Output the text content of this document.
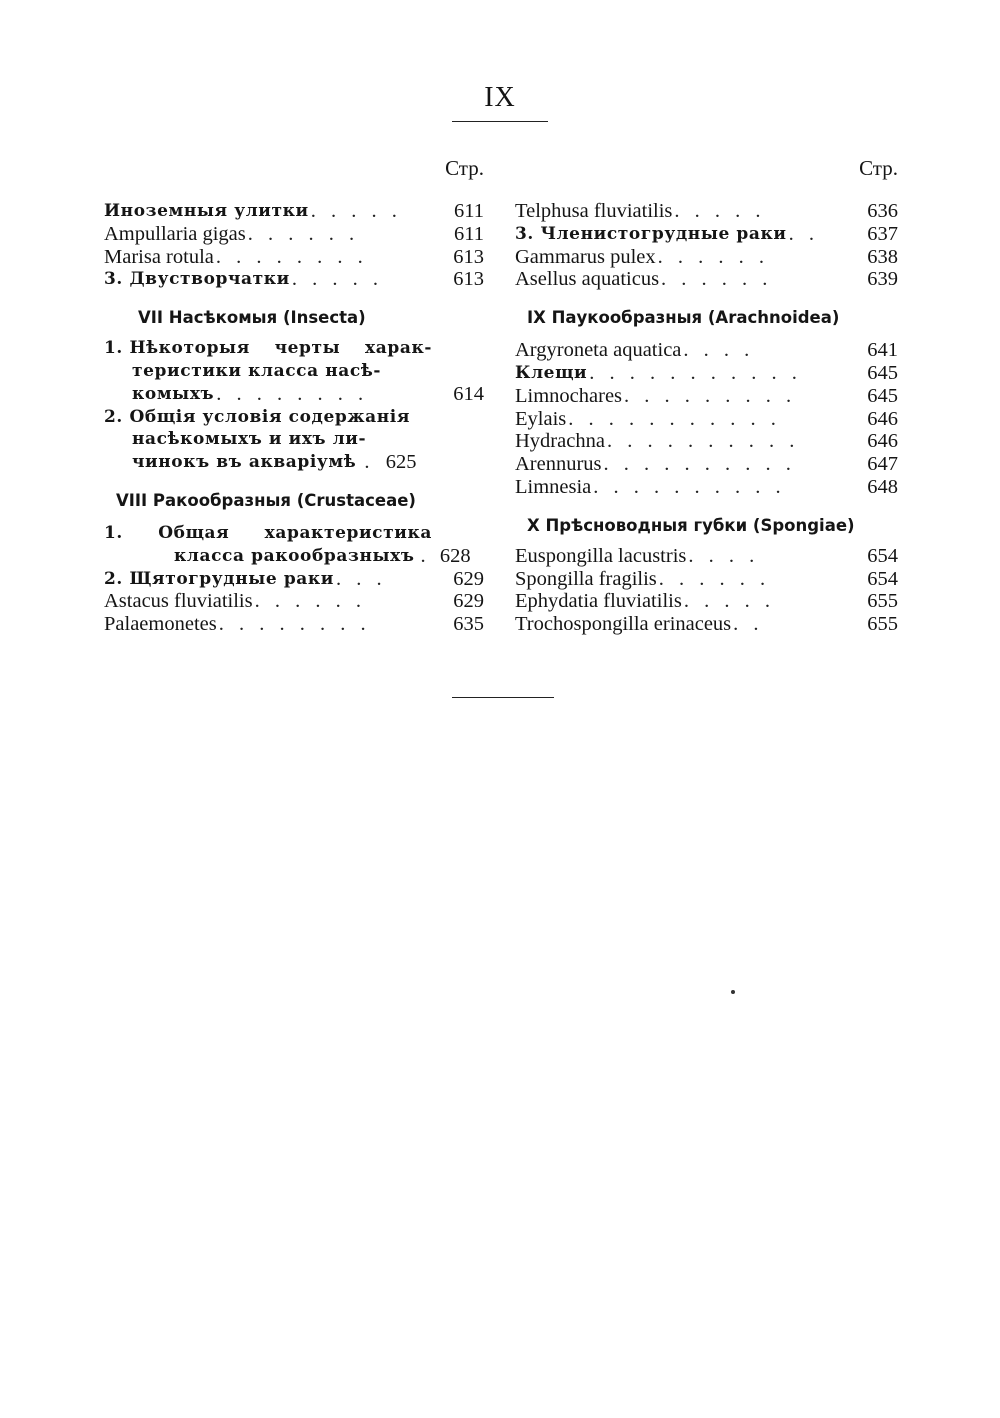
IX
Стр.
Иноземныя улитки . . . . .	611
Ampullaria gigas . . . . . .	611
Marisa rotula . . . . . . . .	613
3. Двустворчатки . . . . .	613
VII Насѣкомыя (Insecta)
1. Нѣкоторыя черты харак-
теристики класса насѣ-
комыхъ . . . . . . . .	614
2. Общія условія содержанія
насѣкомыхъ и ихъ ли-
чинокъ въ акваріумѣ . 625
VIII Ракообразныя (Crustaceae)
1. Общая характеристика
класса ракообразныхъ . 628
2. Щятогрудные раки . . .	629
Astacus fluviatilis . . . . . .	629
Palaemonetes . . . . . . . .	635
Стр.
Telphusa fluviatilis . . . . .	636
3. Членистогрудные раки . .	637
Gammarus pulex . . . . . .	638
Asellus aquaticus . . . . . .	639
IX Паукообразныя (Arachnoidea)
Argyroneta aquatica . . . .	641
Клещи . . . . . . . . . . .	645
Limnochares . . . . . . . . .	645
Eylais . . . . . . . . . . .	646
Hydrachna . . . . . . . . . .	646
Arennurus . . . . . . . . . .	647
Limnesia . . . . . . . . . .	648
X Прѣсноводныя губки (Spongiae)
Euspongilla lacustris . . . .	654
Spongilla fragilis . . . . . .	654
Ephydatia fluviatilis . . . . .	655
Trochospongilla erinaceus . .	655
